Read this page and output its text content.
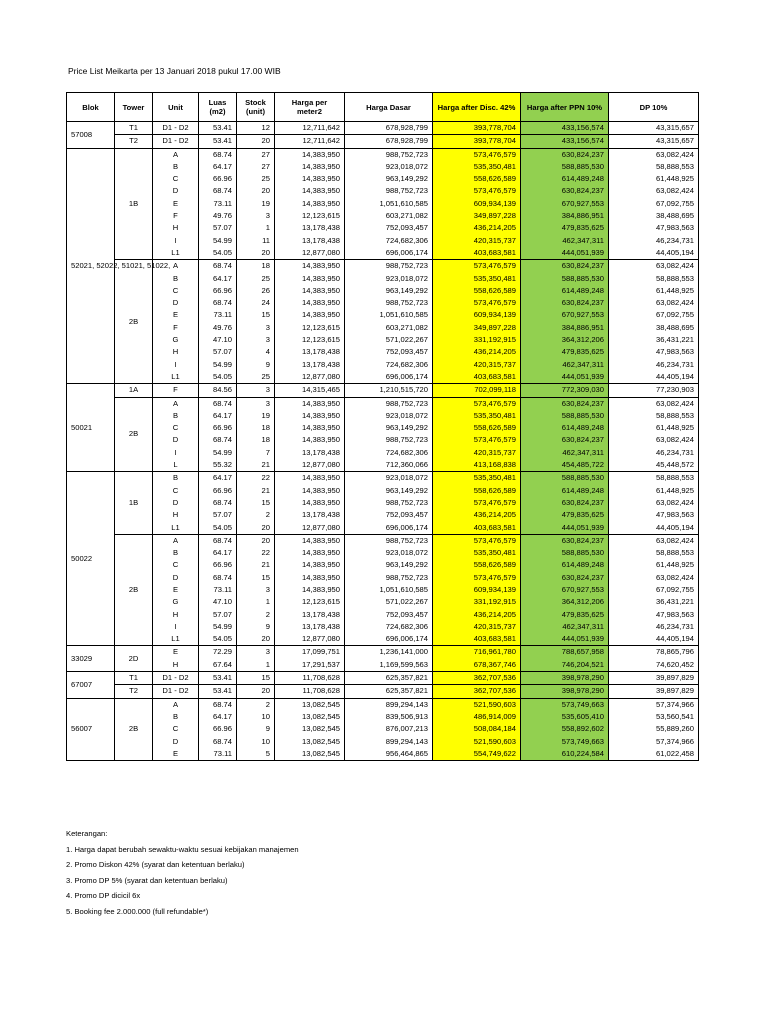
Price List Meikarta per 13 Januari 2018 pukul 17.00 WIB
Blok	Tower	Unit	Luas (m2)	Stock (unit)	Harga per meter2	Harga Dasar	Harga after Disc. 42%	Harga after PPN 10%	DP 10%
57008	T1	D1 - D2	53.41	12	12,711,642	678,928,799	393,778,704	433,156,574	43,315,657
	T2	D1 - D2	53.41	20	12,711,642	678,928,799	393,778,704	433,156,574	43,315,657
52021, 52022, 51021, 51022,	1B	A	68.74	27	14,383,950	988,752,723	573,476,579	630,824,237	63,082,424
		B	64.17	27	14,383,950	923,018,072	535,350,481	588,885,530	58,888,553
		C	66.96	25	14,383,950	963,149,292	558,626,589	614,489,248	61,448,925
		D	68.74	20	14,383,950	988,752,723	573,476,579	630,824,237	63,082,424
		E	73.11	19	14,383,950	1,051,610,585	609,934,139	670,927,553	67,092,755
		F	49.76	3	12,123,615	603,271,082	349,897,228	384,886,951	38,488,695
		H	57.07	1	13,178,438	752,093,457	436,214,205	479,835,625	47,983,563
		I	54.99	11	13,178,438	724,682,306	420,315,737	462,347,311	46,234,731
		L1	54.05	20	12,877,080	696,006,174	403,683,581	444,051,939	44,405,194
	2B	A	68.74	18	14,383,950	988,752,723	573,476,579	630,824,237	63,082,424
		B	64.17	25	14,383,950	923,018,072	535,350,481	588,885,530	58,888,553
		C	66.96	26	14,383,950	963,149,292	558,626,589	614,489,248	61,448,925
		D	68.74	24	14,383,950	988,752,723	573,476,579	630,824,237	63,082,424
		E	73.11	15	14,383,950	1,051,610,585	609,934,139	670,927,553	67,092,755
		F	49.76	3	12,123,615	603,271,082	349,897,228	384,886,951	38,488,695
		G	47.10	3	12,123,615	571,022,267	331,192,915	364,312,206	36,431,221
		H	57.07	4	13,178,438	752,093,457	436,214,205	479,835,625	47,983,563
		I	54.99	9	13,178,438	724,682,306	420,315,737	462,347,311	46,234,731
		L1	54.05	25	12,877,080	696,006,174	403,683,581	444,051,939	44,405,194
50021	1A	F	84.56	3	14,315,465	1,210,515,720	702,099,118	772,309,030	77,230,903
	2B	A	68.74	3	14,383,950	988,752,723	573,476,579	630,824,237	63,082,424
		B	64.17	19	14,383,950	923,018,072	535,350,481	588,885,530	58,888,553
		C	66.96	18	14,383,950	963,149,292	558,626,589	614,489,248	61,448,925
		D	68.74	18	14,383,950	988,752,723	573,476,579	630,824,237	63,082,424
		I	54.99	7	13,178,438	724,682,306	420,315,737	462,347,311	46,234,731
		L	55.32	21	12,877,080	712,360,066	413,168,838	454,485,722	45,448,572
50022	1B	B	64.17	22	14,383,950	923,018,072	535,350,481	588,885,530	58,888,553
		C	66.96	21	14,383,950	963,149,292	558,626,589	614,489,248	61,448,925
		D	68.74	15	14,383,950	988,752,723	573,476,579	630,824,237	63,082,424
		H	57.07	2	13,178,438	752,093,457	436,214,205	479,835,625	47,983,563
		L1	54.05	20	12,877,080	696,006,174	403,683,581	444,051,939	44,405,194
	2B	A	68.74	20	14,383,950	988,752,723	573,476,579	630,824,237	63,082,424
		B	64.17	22	14,383,950	923,018,072	535,350,481	588,885,530	58,888,553
		C	66.96	21	14,383,950	963,149,292	558,626,589	614,489,248	61,448,925
		D	68.74	15	14,383,950	988,752,723	573,476,579	630,824,237	63,082,424
		E	73.11	3	14,383,950	1,051,610,585	609,934,139	670,927,553	67,092,755
		G	47.10	1	12,123,615	571,022,267	331,192,915	364,312,206	36,431,221
		H	57.07	2	13,178,438	752,093,457	436,214,205	479,835,625	47,983,563
		I	54.99	9	13,178,438	724,682,306	420,315,737	462,347,311	46,234,731
		L1	54.05	20	12,877,080	696,006,174	403,683,581	444,051,939	44,405,194
33029	2D	E	72.29	3	17,099,751	1,236,141,000	716,961,780	788,657,958	78,865,796
		H	67.64	1	17,291,537	1,169,599,563	678,367,746	746,204,521	74,620,452
67007	T1	D1 - D2	53.41	15	11,708,628	625,357,821	362,707,536	398,978,290	39,897,829
	T2	D1 - D2	53.41	20	11,708,628	625,357,821	362,707,536	398,978,290	39,897,829
56007	2B	A	68.74	2	13,082,545	899,294,143	521,590,603	573,749,663	57,374,966
		B	64.17	10	13,082,545	839,506,913	486,914,009	535,605,410	53,560,541
		C	66.96	9	13,082,545	876,007,213	508,084,184	558,892,602	55,889,260
		D	68.74	10	13,082,545	899,294,143	521,590,603	573,749,663	57,374,966
		E	73.11	5	13,082,545	956,464,865	554,749,622	610,224,584	61,022,458
Keterangan:
1. Harga dapat berubah sewaktu-waktu sesuai kebijakan manajemen
2. Promo Diskon 42% (syarat dan ketentuan berlaku)
3. Promo DP 5% (syarat dan ketentuan berlaku)
4. Promo DP dicicil 6x
5. Booking fee 2.000.000 (full refundable*)
